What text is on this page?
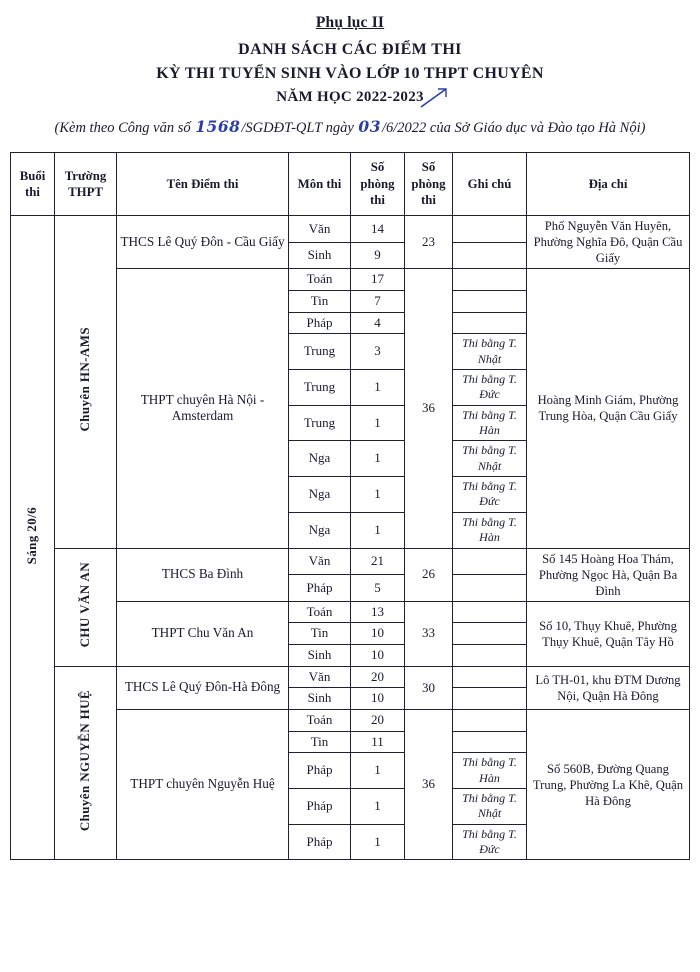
Phụ lục II
DANH SÁCH CÁC ĐIỂM THI
KỲ THI TUYỂN SINH VÀO LỚP 10 THPT CHUYÊN
NĂM HỌC 2022-2023
(Kèm theo Công văn số 1568/SGDĐT-QLT ngày 03/6/2022 của Sở Giáo dục và Đào tạo Hà Nội)
Buổi thi	Trường THPT	Tên Điểm thi	Môn thi	Số phòng thi	Số phòng thi	Ghi chú	Địa chỉ
Sáng 20/6	Chuyên HN-AMS	THCS Lê Quý Đôn - Cầu Giấy	Văn	14	23		Phố Nguyễn Văn Huyên, Phường Nghĩa Đô, Quận Cầu Giấy
			Sinh	9			
		THPT chuyên Hà Nội - Amsterdam	Toán	17	36		Hoàng Minh Giám, Phường Trung Hòa, Quận Cầu Giấy
			Tin	7			
			Pháp	4			
			Trung	3		Thi bằng T. Nhật	
			Trung	1		Thi bằng T. Đức	
			Trung	1		Thi bằng T. Hàn	
			Nga	1		Thi bằng T. Nhật	
			Nga	1		Thi bằng T. Đức	
			Nga	1		Thi bằng T. Hàn	
	CHU VĂN AN	THCS Ba Đình	Văn	21	26		Số 145 Hoàng Hoa Thám, Phường Ngọc Hà, Quận Ba Đình
			Pháp	5			
		THPT Chu Văn An	Toán	13	33		Số 10, Thụy Khuê, Phường Thụy Khuê, Quận Tây Hồ
			Tin	10			
			Sinh	10			
	Chuyên NGUYỄN HUỆ	THCS Lê Quý Đôn-Hà Đông	Văn	20	30		Lô TH-01, khu ĐTM Dương Nội, Quận Hà Đông
			Sinh	10			
		THPT chuyên Nguyễn Huệ	Toán	20	36		Số 560B, Đường Quang Trung, Phường La Khê, Quận Hà Đông
			Tin	11			
			Pháp	1		Thi bằng T. Hàn	
			Pháp	1		Thi bằng T. Nhật	
			Pháp	1		Thi bằng T. Đức	
